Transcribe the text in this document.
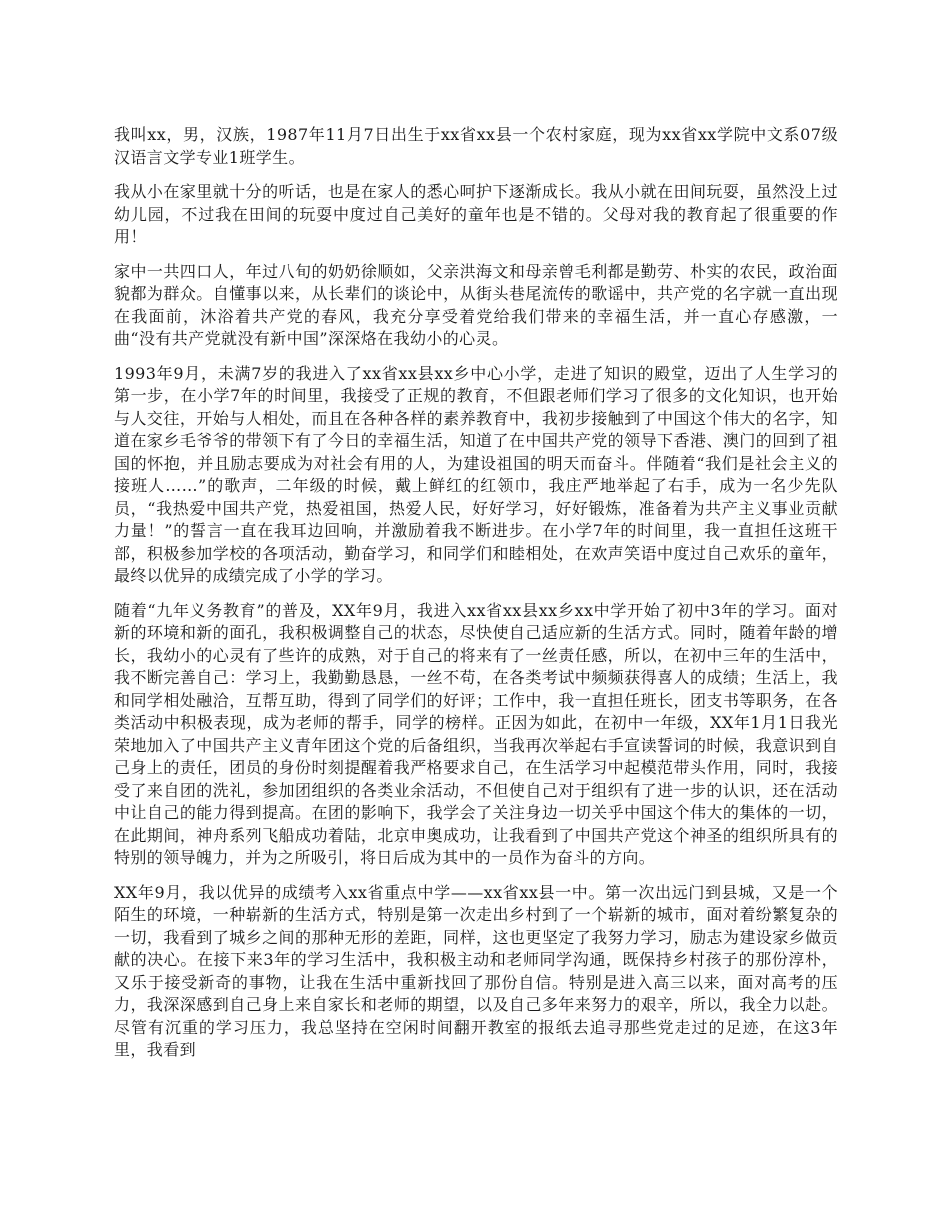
我叫xx，男，汉族，1987年11月7日出生于xx省xx县一个农村家庭，现为xx省xx学院中文系07级汉语言文学专业1班学生。

我从小在家里就十分的听话，也是在家人的悉心呵护下逐渐成长。我从小就在田间玩耍，虽然没上过幼儿园，不过我在田间的玩耍中度过自己美好的童年也是不错的。父母对我的教育起了很重要的作用！

家中一共四口人，年过八旬的奶奶徐顺如，父亲洪海文和母亲曾毛利都是勤劳、朴实的农民，政治面貌都为群众。自懂事以来，从长辈们的谈论中，从街头巷尾流传的歌谣中，共产党的名字就一直出现在我面前，沐浴着共产党的春风，我充分享受着党给我们带来的幸福生活，并一直心存感激，一曲“没有共产党就没有新中国”深深烙在我幼小的心灵。

1993年9月，未满7岁的我进入了xx省xx县xx乡中心小学，走进了知识的殿堂，迈出了人生学习的第一步，在小学7年的时间里，我接受了正规的教育，不但跟老师们学习了很多的文化知识，也开始与人交往，开始与人相处，而且在各种各样的素养教育中，我初步接触到了中国这个伟大的名字，知道在家乡毛爷爷的带领下有了今日的幸福生活，知道了在中国共产党的领导下香港、澳门的回到了祖国的怀抱，并且励志要成为对社会有用的人，为建设祖国的明天而奋斗。伴随着“我们是社会主义的接班人……”的歌声，二年级的时候，戴上鲜红的红领巾，我庄严地举起了右手，成为一名少先队员，“我热爱中国共产党，热爱祖国，热爱人民，好好学习，好好锻炼，准备着为共产主义事业贡献力量！”的誓言一直在我耳边回响，并激励着我不断进步。在小学7年的时间里，我一直担任这班干部，积极参加学校的各项活动，勤奋学习，和同学们和睦相处，在欢声笑语中度过自己欢乐的童年，最终以优异的成绩完成了小学的学习。

随着“九年义务教育”的普及，XX年9月，我进入xx省xx县xx乡xx中学开始了初中3年的学习。面对新的环境和新的面孔，我积极调整自己的状态，尽快使自己适应新的生活方式。同时，随着年龄的增长，我幼小的心灵有了些许的成熟，对于自己的将来有了一丝责任感，所以，在初中三年的生活中，我不断完善自己：学习上，我勤勤恳恳，一丝不苟，在各类考试中频频获得喜人的成绩；生活上，我和同学相处融洽，互帮互助，得到了同学们的好评；工作中，我一直担任班长，团支书等职务，在各类活动中积极表现，成为老师的帮手，同学的榜样。正因为如此，在初中一年级，XX年1月1日我光荣地加入了中国共产主义青年团这个党的后备组织，当我再次举起右手宣读誓词的时候，我意识到自己身上的责任，团员的身份时刻提醒着我严格要求自己，在生活学习中起模范带头作用，同时，我接受了来自团的洗礼，参加团组织的各类业余活动，不但使自己对于组织有了进一步的认识，还在活动中让自己的能力得到提高。在团的影响下，我学会了关注身边一切关乎中国这个伟大的集体的一切，在此期间，神舟系列飞船成功着陆，北京申奥成功，让我看到了中国共产党这个神圣的组织所具有的特别的领导魄力，并为之所吸引，将日后成为其中的一员作为奋斗的方向。

XX年9月，我以优异的成绩考入xx省重点中学——xx省xx县一中。第一次出远门到县城，又是一个陌生的环境，一种崭新的生活方式，特别是第一次走出乡村到了一个崭新的城市，面对着纷繁复杂的一切，我看到了城乡之间的那种无形的差距，同样，这也更坚定了我努力学习，励志为建设家乡做贡献的决心。在接下来3年的学习生活中，我积极主动和老师同学沟通，既保持乡村孩子的那份淳朴，又乐于接受新奇的事物，让我在生活中重新找回了那份自信。特别是进入高三以来，面对高考的压力，我深深感到自己身上来自家长和老师的期望，以及自己多年来努力的艰辛，所以，我全力以赴。尽管有沉重的学习压力，我总坚持在空闲时间翻开教室的报纸去追寻那些党走过的足迹，在这3年里，我看到
